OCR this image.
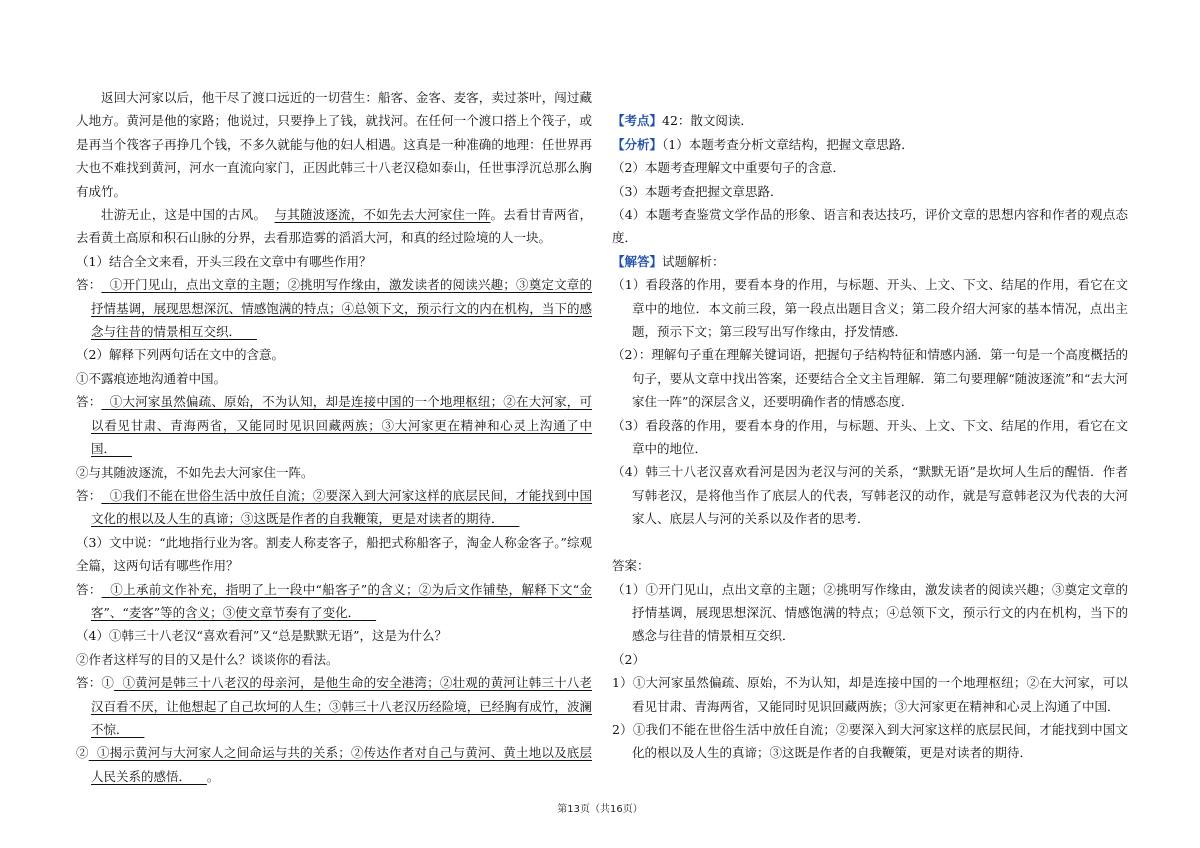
返回大河家以后，他干尽了渡口远近的一切营生：船客、金客、麦客，卖过茶叶，闯过藏人地方。黄河是他的家路；他说过，只要挣上了钱，就找河。在任何一个渡口搭上个筏子，或是再当个筏客子再挣几个钱，不多久就能与他的妇人相遇。这真是一种准确的地理：任世界再大也不难找到黄河，河水一直流向家门，正因此韩三十八老汉稳如泰山，任世事浮沉总那么胸有成竹。

壮游无止，这是中国的古风。 与其随波逐流，不如先去大河家住一阵。去看甘青两省，去看黄土高原和积石山脉的分界，去看那造雾的滔滔大河，和真的经过险境的人一块。

（1）结合全文来看，开头三段在文章中有哪些作用？

答： ①开门见山，点出文章的主题；②挑明写作缘由，激发读者的阅读兴趣；③奠定文章的抒情基调，展现思想深沉、情感饱满的特点；④总领下文，预示行文的内在机构，当下的感念与往昔的情景相互交织．

（2）解释下列两句话在文中的含意。

①不露痕迹地沟通着中国。

答： ①大河家虽然偏疏、原始，不为认知，却是连接中国的一个地理枢纽；②在大河家，可以看见甘肃、青海两省，又能同时见识回藏两族；③大河家更在精神和心灵上沟通了中国．

②与其随波逐流，不如先去大河家住一阵。

答： ①我们不能在世俗生活中放任自流；②要深入到大河家这样的底层民间，才能找到中国文化的根以及人生的真谛；③这既是作者的自我鞭策，更是对读者的期待．

（3）文中说：“此地指行业为客。割麦人称麦客子，船把式称船客子，淘金人称金客子。”综观全篇，这两句话有哪些作用？

答： ①上承前文作补充，指明了上一段中“船客子”的含义；②为后文作铺垫，解释下文“金客”、“麦客”等的含义；③使文章节奏有了变化．

（4）①韩三十八老汉“喜欢看河”又“总是默默无语”，这是为什么？

②作者这样写的目的又是什么？谈谈你的看法。

答：① ①黄河是韩三十八老汉的母亲河，是他生命的安全港湾；②壮观的黄河让韩三十八老汉百看不厌，让他想起了自己坎坷的人生；③韩三十八老汉历经险境，已经胸有成竹，波澜不惊．

② ①揭示黄河与大河家人之间命运与共的关系；②传达作者对自己与黄河、黄土地以及底层人民关系的感悟． 。

【考点】42：散文阅读．

【分析】（1）本题考查分析文章结构，把握文章思路．

（2）本题考查理解文中重要句子的含意．

（3）本题考查把握文章思路．

（4）本题考查鉴赏文学作品的形象、语言和表达技巧，评价文章的思想内容和作者的观点态度．

【解答】试题解析：

（1）看段落的作用，要看本身的作用，与标题、开头、上文、下文、结尾的作用，看它在文章中的地位．本文前三段，第一段点出题目含义；第二段介绍大河家的基本情况，点出主题，预示下文；第三段写出写作缘由，抒发情感．

（2）：理解句子重在理解关键词语，把握句子结构特征和情感内涵．第一句是一个高度概括的句子，要从文章中找出答案，还要结合全文主旨理解．第二句要理解“随波逐流”和“去大河家住一阵”的深层含义，还要明确作者的情感态度．

（3）看段落的作用，要看本身的作用，与标题、开头、上文、下文、结尾的作用，看它在文章中的地位．

（4）韩三十八老汉喜欢看河是因为老汉与河的关系，“默默无语”是坎坷人生后的醒悟．作者写韩老汉，是将他当作了底层人的代表，写韩老汉的动作，就是写意韩老汉为代表的大河家人、底层人与河的关系以及作者的思考．

答案：

（1）①开门见山，点出文章的主题；②挑明写作缘由，激发读者的阅读兴趣；③奠定文章的抒情基调，展现思想深沉、情感饱满的特点；④总领下文，预示行文的内在机构，当下的感念与往昔的情景相互交织．

（2）

1）①大河家虽然偏疏、原始，不为认知，却是连接中国的一个地理枢纽；②在大河家，可以看见甘肃、青海两省，又能同时见识回藏两族；③大河家更在精神和心灵上沟通了中国．

2）①我们不能在世俗生活中放任自流；②要深入到大河家这样的底层民间，才能找到中国文化的根以及人生的真谛；③这既是作者的自我鞭策，更是对读者的期待．

第13页（共16页）
